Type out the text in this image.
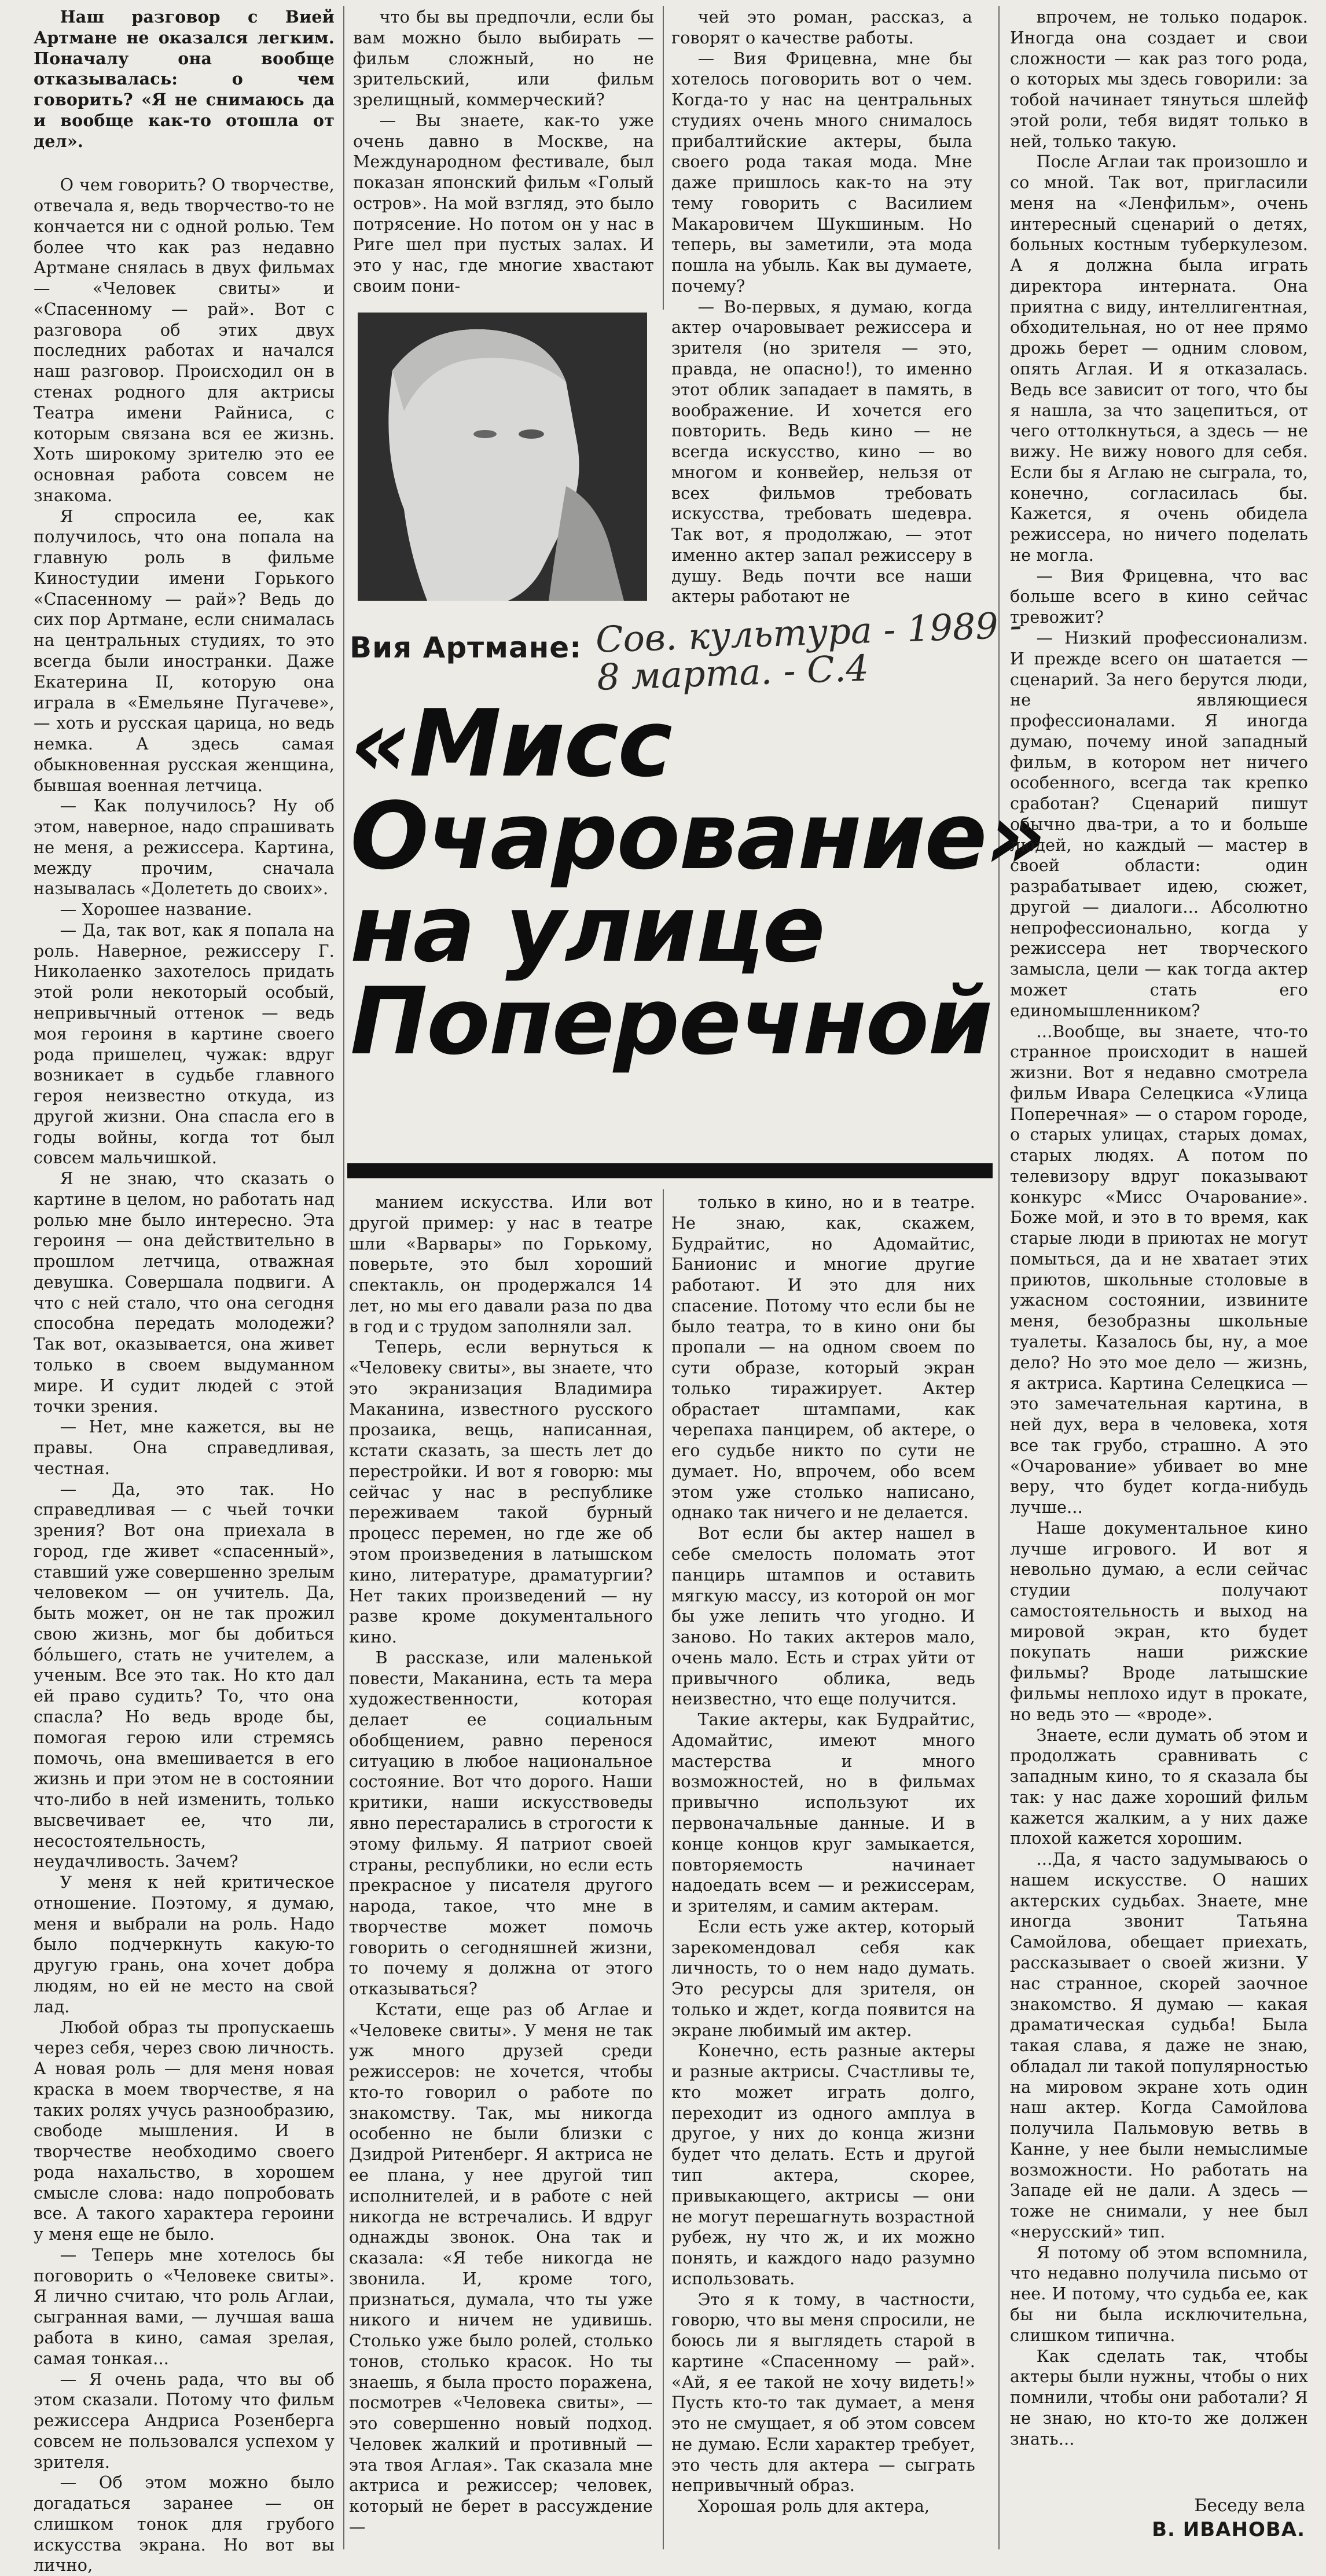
Наш разговор с Вией Артмане не оказался легким. Поначалу она вообще отказывалась: о чем говорить? «Я не снимаюсь да и вообще как-то отошла от дел».

О чем говорить? О творчестве, отвечала я, ведь творчество-то не кончается ни с одной ролью. Тем более что как раз недавно Артмане снялась в двух фильмах — «Человек свиты» и «Спасенному — рай». Вот с разговора об этих двух последних работах и начался наш разговор. Происходил он в стенах родного для актрисы Театра имени Райниса, с которым связана вся ее жизнь. Хоть широкому зрителю это ее основная работа совсем не знакома.

Я спросила ее, как получилось, что она попала на главную роль в фильме Киностудии имени Горького «Спасенному — рай»? Ведь до сих пор Артмане, если снималась на центральных студиях, то это всегда были иностранки. Даже Екатерина II, которую она играла в «Емельяне Пугачеве», — хоть и русская царица, но ведь немка. А здесь самая обыкновенная русская женщина, бывшая военная летчица.

— Как получилось? Ну об этом, наверное, надо спрашивать не меня, а режиссера. Картина, между прочим, сначала называлась «Долететь до своих».

— Хорошее название.

— Да, так вот, как я попала на роль. Наверное, режиссеру Г. Николаенко захотелось придать этой роли некоторый особый, непривычный оттенок — ведь моя героиня в картине своего рода пришелец, чужак: вдруг возникает в судьбе главного героя неизвестно откуда, из другой жизни. Она спасла его в годы войны, когда тот был совсем мальчишкой.

Я не знаю, что сказать о картине в целом, но работать над ролью мне было интересно. Эта героиня — она действительно в прошлом летчица, отважная девушка. Совершала подвиги. А что с ней стало, что она сегодня способна передать молодежи? Так вот, оказывается, она живет только в своем выдуманном мире. И судит людей с этой точки зрения.

— Нет, мне кажется, вы не правы. Она справедливая, честная.

— Да, это так. Но справедливая — с чьей точки зрения? Вот она приехала в город, где живет «спасенный», ставший уже совершенно зрелым человеком — он учитель. Да, быть может, он не так прожил свою жизнь, мог бы добиться бо́льшего, стать не учителем, а ученым. Все это так. Но кто дал ей право судить? То, что она спасла? Но ведь вроде бы, помогая герою или стремясь помочь, она вмешивается в его жизнь и при этом не в состоянии что-либо в ней изменить, только высвечивает ее, что ли, несостоятельность, неудачливость. Зачем?

У меня к ней критическое отношение. Поэтому, я думаю, меня и выбрали на роль. Надо было подчеркнуть какую-то другую грань, она хочет добра людям, но ей не место на свой лад.

Любой образ ты пропускаешь через себя, через свою личность. А новая роль — для меня новая краска в моем творчестве, я на таких ролях учусь разнообразию, свободе мышления. И в творчестве необходимо своего рода нахальство, в хорошем смысле слова: надо попробовать все. А такого характера героини у меня еще не было.

— Теперь мне хотелось бы поговорить о «Человеке свиты». Я лично считаю, что роль Аглаи, сыгранная вами, — лучшая ваша работа в кино, самая зрелая, самая тонкая...

— Я очень рада, что вы об этом сказали. Потому что фильм режиссера Андриса Розенберга совсем не пользовался успехом у зрителя.

— Об этом можно было догадаться заранее — он слишком тонок для грубого искусства экрана. Но вот вы лично,

что бы вы предпочли, если бы вам можно было выбирать — фильм сложный, но не зрительский, или фильм зрелищный, коммерческий?

— Вы знаете, как-то уже очень давно в Москве, на Международном фестивале, был показан японский фильм «Голый остров». На мой взгляд, это было потрясение. Но потом он у нас в Риге шел при пустых залах. И это у нас, где многие хвастают своим пони-

чей это роман, рассказ, а говорят о качестве работы.

— Вия Фрицевна, мне бы хотелось поговорить вот о чем. Когда-то у нас на центральных студиях очень много снималось прибалтийские актеры, была своего рода такая мода. Мне даже пришлось как-то на эту тему говорить с Василием Макаровичем Шукшиным. Но теперь, вы заметили, эта мода пошла на убыль. Как вы думаете, почему?

— Во-первых, я думаю, когда актер очаровывает режиссера и зрителя (но зрителя — это, правда, не опасно!), то именно этот облик западает в память, в воображение. И хочется его повторить. Ведь кино — не всегда искусство, кино — во многом и конвейер, нельзя от всех фильмов требовать искусства, требовать шедевра. Так вот, я продолжаю, — этот именно актер запал режиссеру в душу. Ведь почти все наши актеры работают не

Вия Артмане: Сов. культура - 1989 - 8 марта. - С.4
«Мисс
Очарование»
на улице
Поперечной

манием искусства. Или вот другой пример: у нас в театре шли «Варвары» по Горькому, поверьте, это был хороший спектакль, он продержался 14 лет, но мы его давали раза по два в год и с трудом заполняли зал.

Теперь, если вернуться к «Человеку свиты», вы знаете, что это экранизация Владимира Маканина, известного русского прозаика, вещь, написанная, кстати сказать, за шесть лет до перестройки. И вот я говорю: мы сейчас у нас в республике переживаем такой бурный процесс перемен, но где же об этом произведения в латышском кино, литературе, драматургии? Нет таких произведений — ну разве кроме документального кино.

В рассказе, или маленькой повести, Маканина, есть та мера художественности, которая делает ее социальным обобщением, равно перенося ситуацию в любое национальное состояние. Вот что дорого. Наши критики, наши искусствоведы явно перестарались в строгости к этому фильму. Я патриот своей страны, республики, но если есть прекрасное у писателя другого народа, такое, что мне в творчестве может помочь говорить о сегодняшней жизни, то почему я должна от этого отказываться?

Кстати, еще раз об Аглае и «Человеке свиты». У меня не так уж много друзей среди режиссеров: не хочется, чтобы кто-то говорил о работе по знакомству. Так, мы никогда особенно не были близки с Дзидрой Ритенберг. Я актриса не ее плана, у нее другой тип исполнителей, и в работе с ней никогда не встречались. И вдруг однажды звонок. Она так и сказала: «Я тебе никогда не звонила. И, кроме того, признаться, думала, что ты уже никого и ничем не удивишь. Столько уже было ролей, столько тонов, столько красок. Но ты знаешь, я была просто поражена, посмотрев «Человека свиты», — это совершенно новый подход. Человек жалкий и противный — эта твоя Аглая». Так сказала мне актриса и режиссер; человек, который не берет в рассуждение —

только в кино, но и в театре. Не знаю, как, скажем, Будрайтис, но Адомайтис, Банионис и многие другие работают. И это для них спасение. Потому что если бы не было театра, то в кино они бы пропали — на одном своем по сути образе, который экран только тиражирует. Актер обрастает штампами, как черепаха панцирем, об актере, о его судьбе никто по сути не думает. Но, впрочем, обо всем этом уже столько написано, однако так ничего и не делается.

Вот если бы актер нашел в себе смелость поломать этот панцирь штампов и оставить мягкую массу, из которой он мог бы уже лепить что угодно. И заново. Но таких актеров мало, очень мало. Есть и страх уйти от привычного облика, ведь неизвестно, что еще получится.

Такие актеры, как Будрайтис, Адомайтис, имеют много мастерства и много возможностей, но в фильмах привычно используют их первоначальные данные. И в конце концов круг замыкается, повторяемость начинает надоедать всем — и режиссерам, и зрителям, и самим актерам.

Если есть уже актер, который зарекомендовал себя как личность, то о нем надо думать. Это ресурсы для зрителя, он только и ждет, когда появится на экране любимый им актер.

Конечно, есть разные актеры и разные актрисы. Счастливы те, кто может играть долго, переходит из одного амплуа в другое, у них до конца жизни будет что делать. Есть и другой тип актера, скорее, привыкающего, актрисы — они не могут перешагнуть возрастной рубеж, ну что ж, и их можно понять, и каждого надо разумно использовать.

Это я к тому, в частности, говорю, что вы меня спросили, не боюсь ли я выглядеть старой в картине «Спасенному — рай». «Ай, я ее такой не хочу видеть!» Пусть кто-то так думает, а меня это не смущает, я об этом совсем не думаю. Если характер требует, это честь для актера — сыграть непривычный образ.

Хорошая роль для актера,

впрочем, не только подарок. Иногда она создает и свои сложности — как раз того рода, о которых мы здесь говорили: за тобой начинает тянуться шлейф этой роли, тебя видят только в ней, только такую.

После Аглаи так произошло и со мной. Так вот, пригласили меня на «Ленфильм», очень интересный сценарий о детях, больных костным туберкулезом. А я должна была играть директора интерната. Она приятна с виду, интеллигентная, обходительная, но от нее прямо дрожь берет — одним словом, опять Аглая. И я отказалась. Ведь все зависит от того, что бы я нашла, за что зацепиться, от чего оттолкнуться, а здесь — не вижу. Не вижу нового для себя. Если бы я Аглаю не сыграла, то, конечно, согласилась бы. Кажется, я очень обидела режиссера, но ничего поделать не могла.

— Вия Фрицевна, что вас больше всего в кино сейчас тревожит?

— Низкий профессионализм. И прежде всего он шатается — сценарий. За него берутся люди, не являющиеся профессионалами. Я иногда думаю, почему иной западный фильм, в котором нет ничего особенного, всегда так крепко сработан? Сценарий пишут обычно два-три, а то и больше людей, но каждый — мастер в своей области: один разрабатывает идею, сюжет, другой — диалоги... Абсолютно непрофессионально, когда у режиссера нет творческого замысла, цели — как тогда актер может стать его единомышленником?

...Вообще, вы знаете, что-то странное происходит в нашей жизни. Вот я недавно смотрела фильм Ивара Селецкиса «Улица Поперечная» — о старом городе, о старых улицах, старых домах, старых людях. А потом по телевизору вдруг показывают конкурс «Мисс Очарование». Боже мой, и это в то время, как старые люди в приютах не могут помыться, да и не хватает этих приютов, школьные столовые в ужасном состоянии, извините меня, безобразны школьные туалеты. Казалось бы, ну, а мое дело? Но это мое дело — жизнь, я актриса. Картина Селецкиса — это замечательная картина, в ней дух, вера в человека, хотя все так грубо, страшно. А это «Очарование» убивает во мне веру, что будет когда-нибудь лучше...

Наше документальное кино лучше игрового. И вот я невольно думаю, а если сейчас студии получают самостоятельность и выход на мировой экран, кто будет покупать наши рижские фильмы? Вроде латышские фильмы неплохо идут в прокате, но ведь это — «вроде».

Знаете, если думать об этом и продолжать сравнивать с западным кино, то я сказала бы так: у нас даже хороший фильм кажется жалким, а у них даже плохой кажется хорошим.

...Да, я часто задумываюсь о нашем искусстве. О наших актерских судьбах. Знаете, мне иногда звонит Татьяна Самойлова, обещает приехать, рассказывает о своей жизни. У нас странное, скорей заочное знакомство. Я думаю — какая драматическая судьба! Была такая слава, я даже не знаю, обладал ли такой популярностью на мировом экране хоть один наш актер. Когда Самойлова получила Пальмовую ветвь в Канне, у нее были немыслимые возможности. Но работать на Западе ей не дали. А здесь — тоже не снимали, у нее был «нерусский» тип.

Я потому об этом вспомнила, что недавно получила письмо от нее. И потому, что судьба ее, как бы ни была исключительна, слишком типична.

Как сделать так, чтобы актеры были нужны, чтобы о них помнили, чтобы они работали? Я не знаю, но кто-то же должен знать...

Беседу вела
В. ИВАНОВА.
